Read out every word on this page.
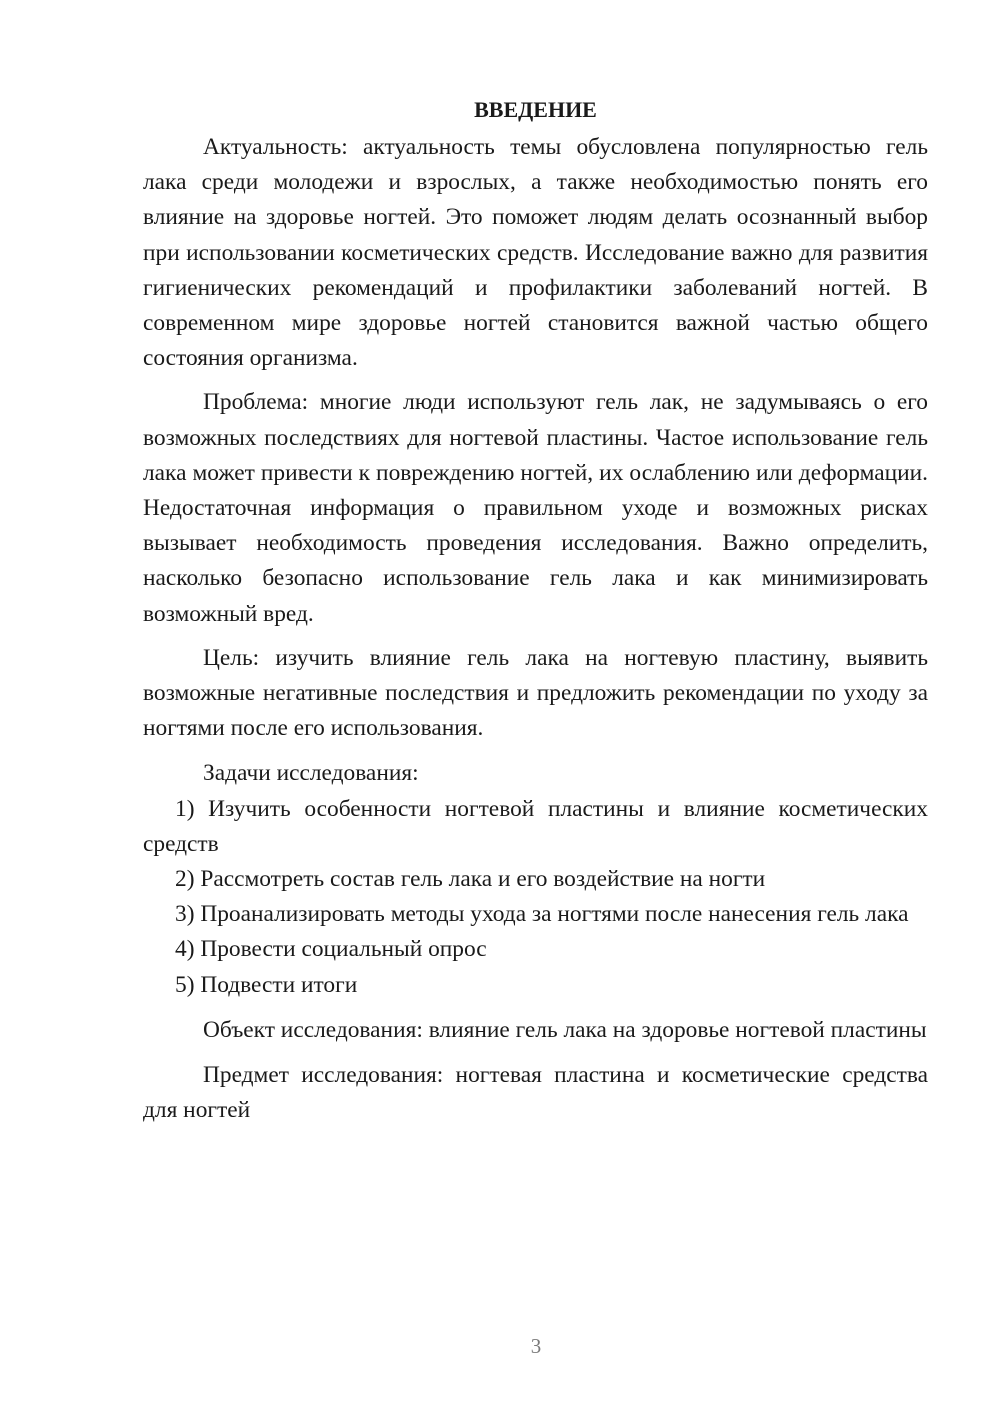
ВВЕДЕНИЕ

Актуальность: актуальность темы обусловлена популярностью гель лака среди молодежи и взрослых, а также необходимостью понять его влияние на здоровье ногтей. Это поможет людям делать осознанный выбор при использовании косметических средств. Исследование важно для развития гигиенических рекомендаций и профилактики заболеваний ногтей. В современном мире здоровье ногтей становится важной частью общего состояния организма.

Проблема: многие люди используют гель лак, не задумываясь о его возможных последствиях для ногтевой пластины. Частое использование гель лака может привести к повреждению ногтей, их ослаблению или деформации. Недостаточная информация о правильном уходе и возможных рисках вызывает необходимость проведения исследования. Важно определить, насколько безопасно использование гель лака и как минимизировать возможный вред.

Цель: изучить влияние гель лака на ногтевую пластину, выявить возможные негативные последствия и предложить рекомендации по уходу за ногтями после его использования.

Задачи исследования:

1) Изучить особенности ногтевой пластины и влияние косметических средств

2) Рассмотреть состав гель лака и его воздействие на ногти

3) Проанализировать методы ухода за ногтями после нанесения гель лака

4) Провести социальный опрос

5) Подвести итоги

Объект исследования: влияние гель лака на здоровье ногтевой пластины

Предмет исследования: ногтевая пластина и косметические средства для ногтей

3
